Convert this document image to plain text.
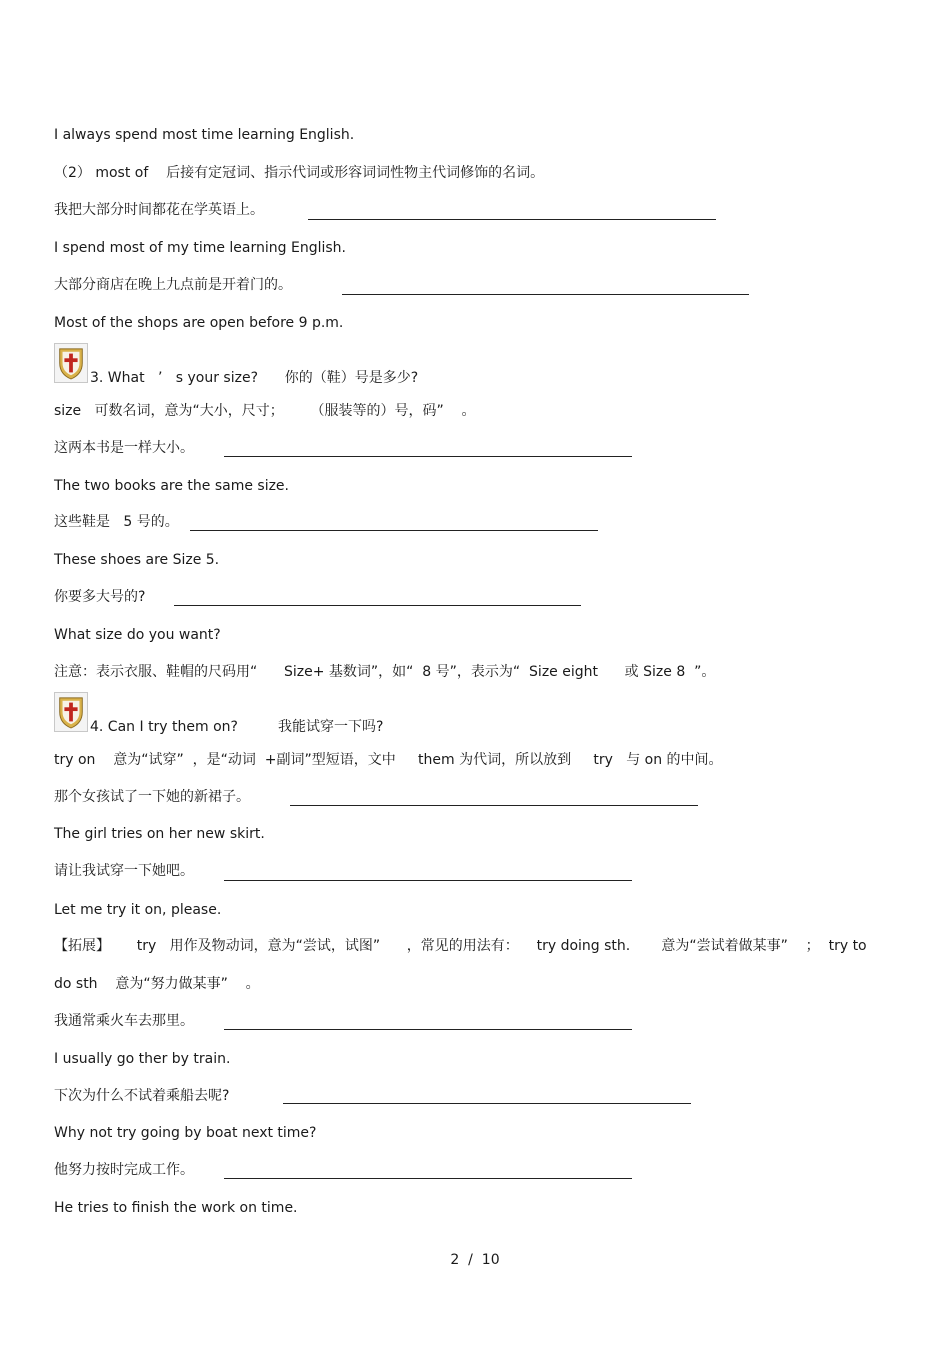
I always spend most time learning English.
（2） most of    后接有定冠词、指示代词或形容词词性物主代词修饰的名词。
我把大部分时间都花在学英语上。
I spend most of my time learning English.
大部分商店在晚上九点前是开着门的。
Most of the shops are open before 9 p.m.
3. What   ’   s your size?      你的（鞋）号是多少?
size   可数名词，意为“大小，尺寸；      （服装等的）号，码”    。
这两本书是一样大小。
The two books are the same size.
这些鞋是   5 号的。
These shoes are Size 5.
你要多大号的?
What size do you want?
注意：表示衣服、鞋帽的尺码用“      Size+ 基数词”，如“  8 号”，表示为“  Size eight      或 Size 8  ”。
4. Can I try them on?         我能试穿一下吗?
try on    意为“试穿”  ，是“动词  +副词”型短语，文中     them 为代词，所以放到     try   与 on 的中间。
那个女孩试了一下她的新裙子。
The girl tries on her new skirt.
请让我试穿一下她吧。
Let me try it on, please.
【拓展】      try   用作及物动词，意为“尝试，试图”      ，常见的用法有：    try doing sth.       意为“尝试着做某事”    ；  try to
do sth    意为“努力做某事”    。
我通常乘火车去那里。
I usually go ther by train.
下次为什么不试着乘船去呢?
Why not try going by boat next time?
他努力按时完成工作。
He tries to finish the work on time.
2  /  10
